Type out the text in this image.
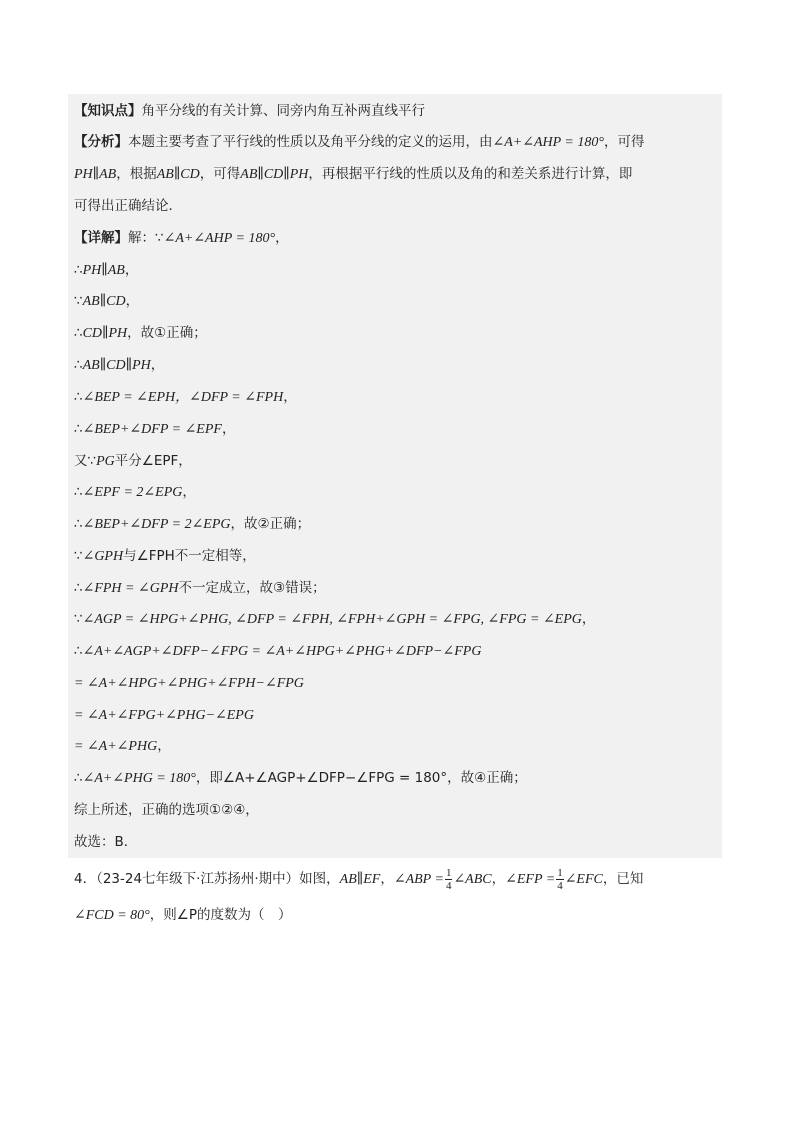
【知识点】角平分线的有关计算、同旁内角互补两直线平行
【分析】本题主要考查了平行线的性质以及角平分线的定义的运用，由∠A+∠AHP = 180°，可得
PH∥AB，根据AB∥CD，可得AB∥CD∥PH，再根据平行线的性质以及角的和差关系进行计算，即
可得出正确结论．
【详解】解：∵∠A+∠AHP = 180°，
∴PH∥AB，
∵AB∥CD，
∴CD∥PH，故①正确；
∴AB∥CD∥PH，
∴∠BEP = ∠EPH，∠DFP = ∠FPH，
∴∠BEP+∠DFP = ∠EPF，
又∵PG平分∠EPF，
∴∠EPF = 2∠EPG，
∴∠BEP+∠DFP = 2∠EPG，故②正确；
∵∠GPH与∠FPH不一定相等，
∴∠FPH = ∠GPH不一定成立，故③错误；
∵∠AGP = ∠HPG+∠PHG, ∠DFP = ∠FPH, ∠FPH+∠GPH = ∠FPG, ∠FPG = ∠EPG，
∴∠A+∠AGP+∠DFP−∠FPG = ∠A+∠HPG+∠PHG+∠DFP−∠FPG
= ∠A+∠HPG+∠PHG+∠FPH−∠FPG
= ∠A+∠FPG+∠PHG−∠EPG
= ∠A+∠PHG，
∴∠A+∠PHG = 180°，即∠A+∠AGP+∠DFP−∠FPG = 180°，故④正确；
综上所述，正确的选项①②④，
故选：B．
4．（23-24七年级下·江苏扬州·期中）如图，AB∥EF，∠ABP = $\frac{1}{4}$ ∠ABC，∠EFP = $\frac{1}{4}$ ∠EFC，已知
∠FCD = 80°，则∠P的度数为（　）
